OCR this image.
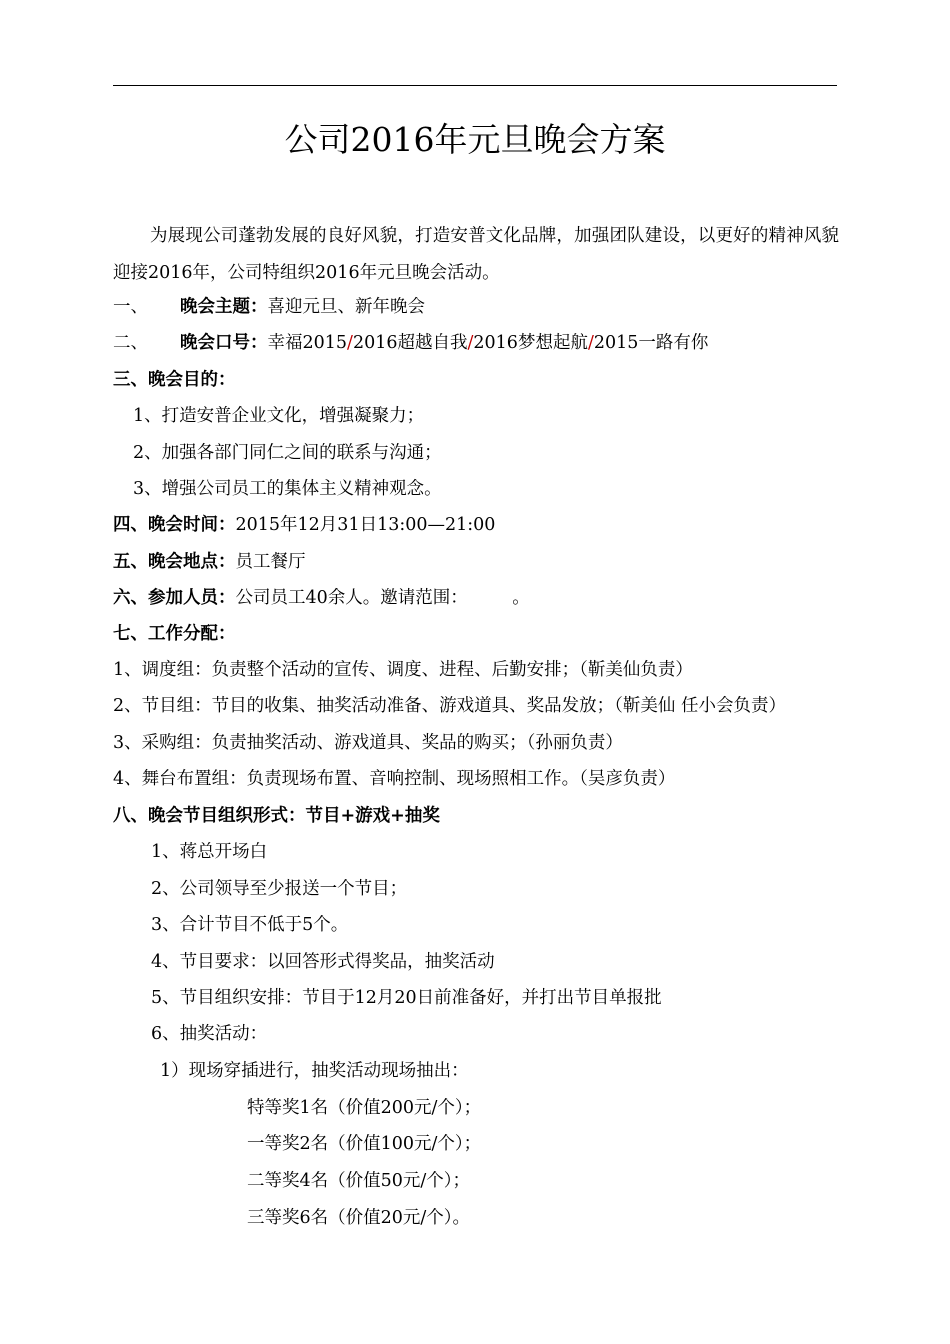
公司2016年元旦晚会方案
为展现公司蓬勃发展的良好风貌，打造安普文化品牌，加强团队建设，以更好的精神风貌迎接2016年，公司特组织2016年元旦晚会活动。
一、 晚会主题：喜迎元旦、新年晚会
二、 晚会口号：幸福2015/2016超越自我/2016梦想起航/2015一路有你
三、晚会目的：
1、打造安普企业文化，增强凝聚力；
2、加强各部门同仁之间的联系与沟通；
3、增强公司员工的集体主义精神观念。
四、晚会时间：2015年12月31日13:00—21:00
五、晚会地点：员工餐厅
六、参加人员：公司员工40余人。邀请范围：        。
七、工作分配：
1、调度组：负责整个活动的宣传、调度、进程、后勤安排；（靳美仙负责）
2、节目组：节目的收集、抽奖活动准备、游戏道具、奖品发放；（靳美仙 任小会负责）
3、采购组：负责抽奖活动、游戏道具、奖品的购买；（孙丽负责）
4、舞台布置组：负责现场布置、音响控制、现场照相工作。（吴彦负责）
八、晚会节目组织形式：节目+游戏+抽奖
1、蒋总开场白
2、公司领导至少报送一个节目；
3、合计节目不低于5个。
4、节目要求：以回答形式得奖品，抽奖活动
5、节目组织安排：节目于12月20日前准备好，并打出节目单报批
6、抽奖活动：
1）现场穿插进行，抽奖活动现场抽出：
特等奖1名（价值200元/个）；
一等奖2名（价值100元/个）；
二等奖4名（价值50元/个）；
三等奖6名（价值20元/个）。
